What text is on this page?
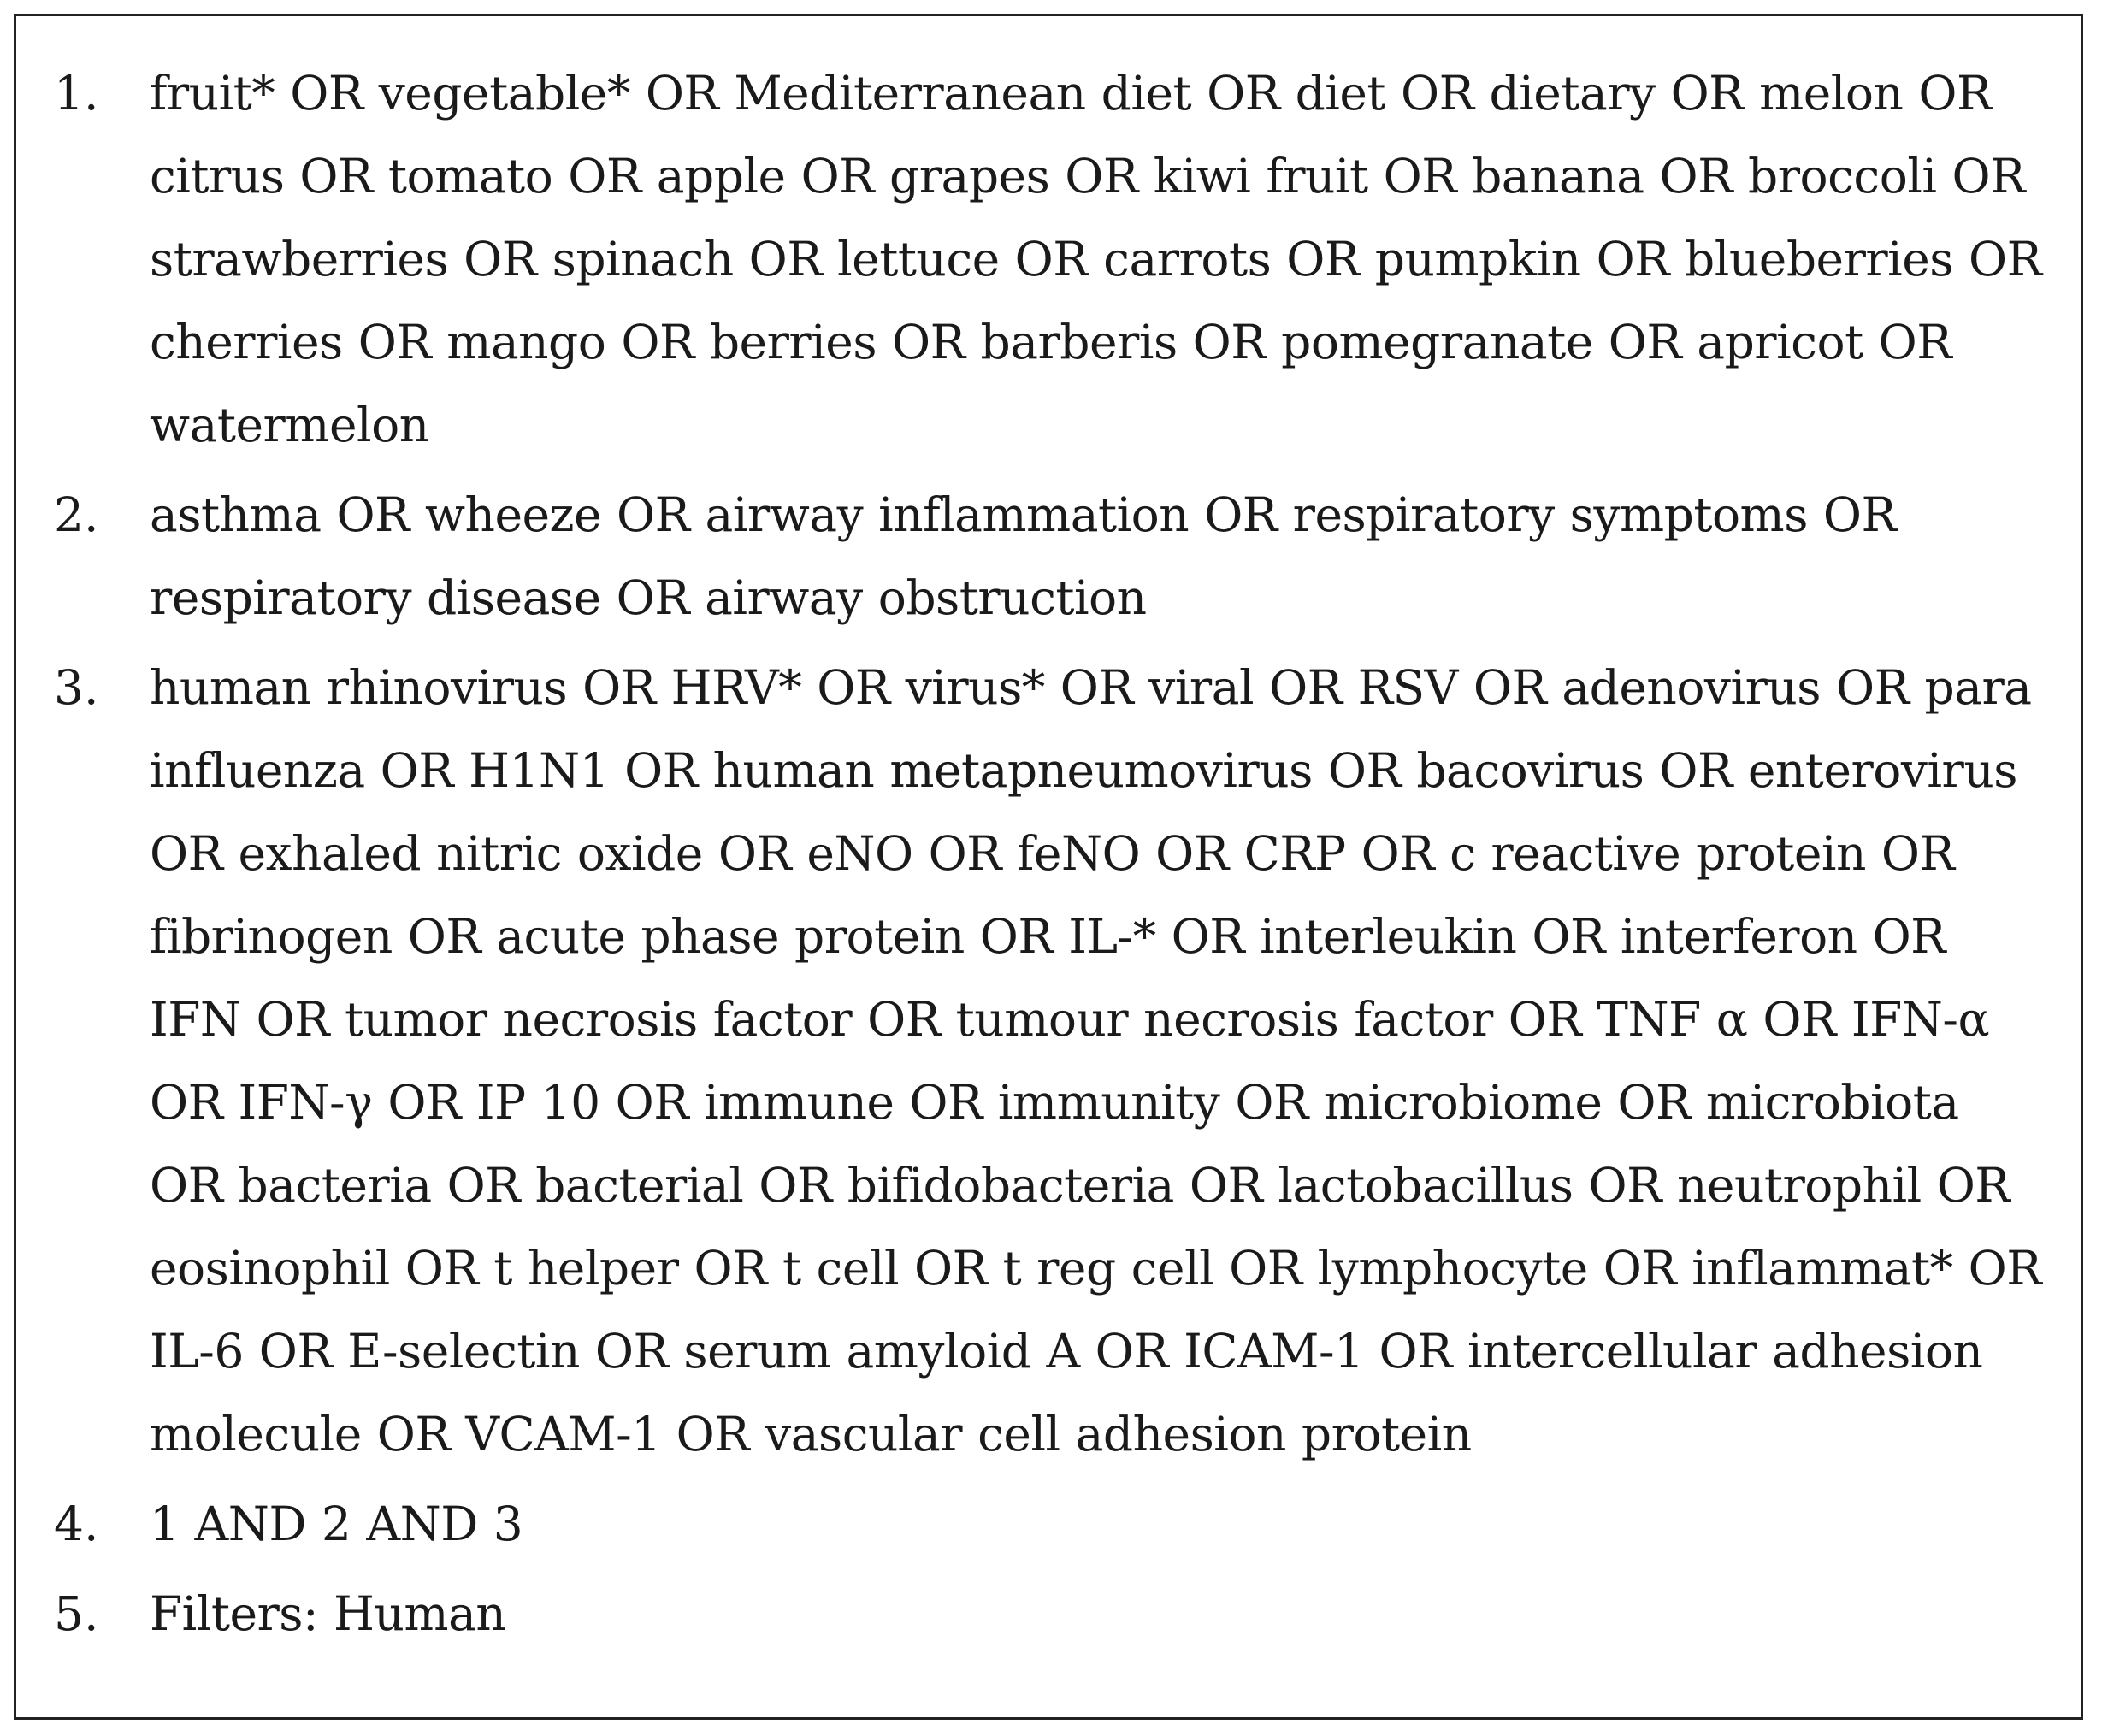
1.	fruit* OR vegetable* OR Mediterranean diet OR diet OR dietary OR melon OR citrus OR tomato OR apple OR grapes OR kiwi fruit OR banana OR broccoli OR strawberries OR spinach OR lettuce OR carrots OR pumpkin OR blueberries OR cherries OR mango OR berries OR barberis OR pomegranate OR apricot OR watermelon
2.	asthma OR wheeze OR airway inflammation OR respiratory symptoms OR respiratory disease OR airway obstruction
3.	human rhinovirus OR HRV* OR virus* OR viral OR RSV OR adenovirus OR para influenza OR H1N1 OR human metapneumovirus OR bacovirus OR enterovirus OR exhaled nitric oxide OR eNO OR feNO OR CRP OR c reactive protein OR fibrinogen OR acute phase protein OR IL-* OR interleukin OR interferon OR IFN OR tumor necrosis factor OR tumour necrosis factor OR TNF α OR IFN-α OR IFN-γ OR IP 10 OR immune OR immunity OR microbiome OR microbiota OR bacteria OR bacterial OR bifidobacteria OR lactobacillus OR neutrophil OR eosinophil OR t helper OR t cell OR t reg cell OR lymphocyte OR inflammat* OR IL-6 OR E-selectin OR serum amyloid A OR ICAM-1 OR intercellular adhesion molecule OR VCAM-1 OR vascular cell adhesion protein
4.	1 AND 2 AND 3
5.	Filters: Human
